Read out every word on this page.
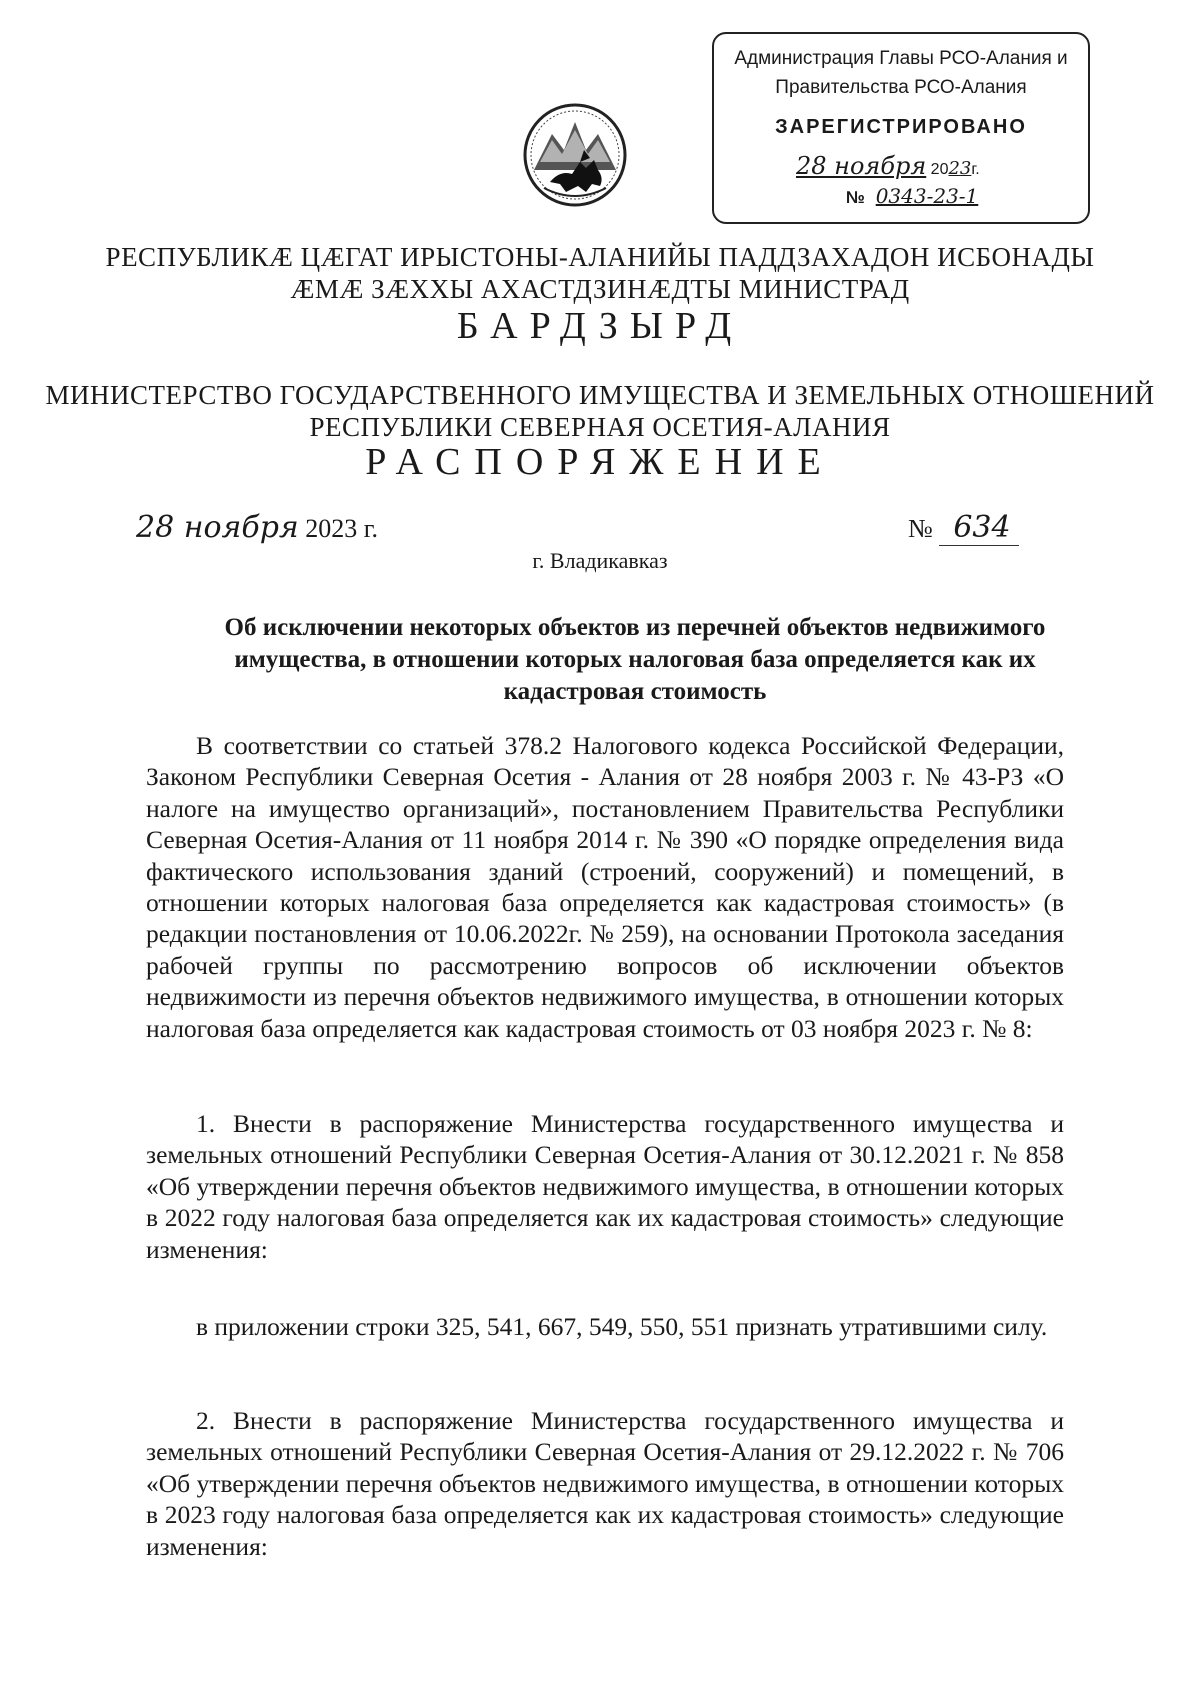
Администрация Главы РСО-Алания и
Правительства РСО-Алания
ЗАРЕГИСТРИРОВАНО
28 ноября 2023г.
№ 0343-23-1
РЕСПУБЛИКÆ ЦÆГАТ ИРЫСТОНЫ-АЛАНИЙЫ ПАДДЗАХАДОН ИСБОНАДЫ
ÆМÆ ЗÆХХЫ АХАСТДЗИНÆДТЫ МИНИСТРАД
БАРДЗЫРД
МИНИСТЕРСТВО ГОСУДАРСТВЕННОГО ИМУЩЕСТВА И ЗЕМЕЛЬНЫХ ОТНОШЕНИЙ
РЕСПУБЛИКИ СЕВЕРНАЯ ОСЕТИЯ-АЛАНИЯ
РАСПОРЯЖЕНИЕ
28 ноября 2023 г.	№ 634
г. Владикавказ
Об исключении некоторых объектов из перечней объектов недвижимого имущества, в отношении которых налоговая база определяется как их кадастровая стоимость

В соответствии со статьей 378.2 Налогового кодекса Российской Федерации, Законом Республики Северная Осетия - Алания от 28 ноября 2003 г. № 43-РЗ «О налоге на имущество организаций», постановлением Правительства Республики Северная Осетия-Алания от 11 ноября 2014 г. № 390 «О порядке определения вида фактического использования зданий (строений, сооружений) и помещений, в отношении которых налоговая база определяется как кадастровая стоимость» (в редакции постановления от 10.06.2022г. № 259), на основании Протокола заседания рабочей группы по рассмотрению вопросов об исключении объектов недвижимости из перечня объектов недвижимого имущества, в отношении которых налоговая база определяется как кадастровая стоимость от 03 ноября 2023 г. № 8:

1. Внести в распоряжение Министерства государственного имущества и земельных отношений Республики Северная Осетия-Алания от 30.12.2021 г. № 858 «Об утверждении перечня объектов недвижимого имущества, в отношении которых в 2022 году налоговая база определяется как их кадастровая стоимость» следующие изменения:

в приложении строки 325, 541, 667, 549, 550, 551 признать утратившими силу.

2. Внести в распоряжение Министерства государственного имущества и земельных отношений Республики Северная Осетия-Алания от 29.12.2022 г. № 706 «Об утверждении перечня объектов недвижимого имущества, в отношении которых в 2023 году налоговая база определяется как их кадастровая стоимость» следующие изменения:
